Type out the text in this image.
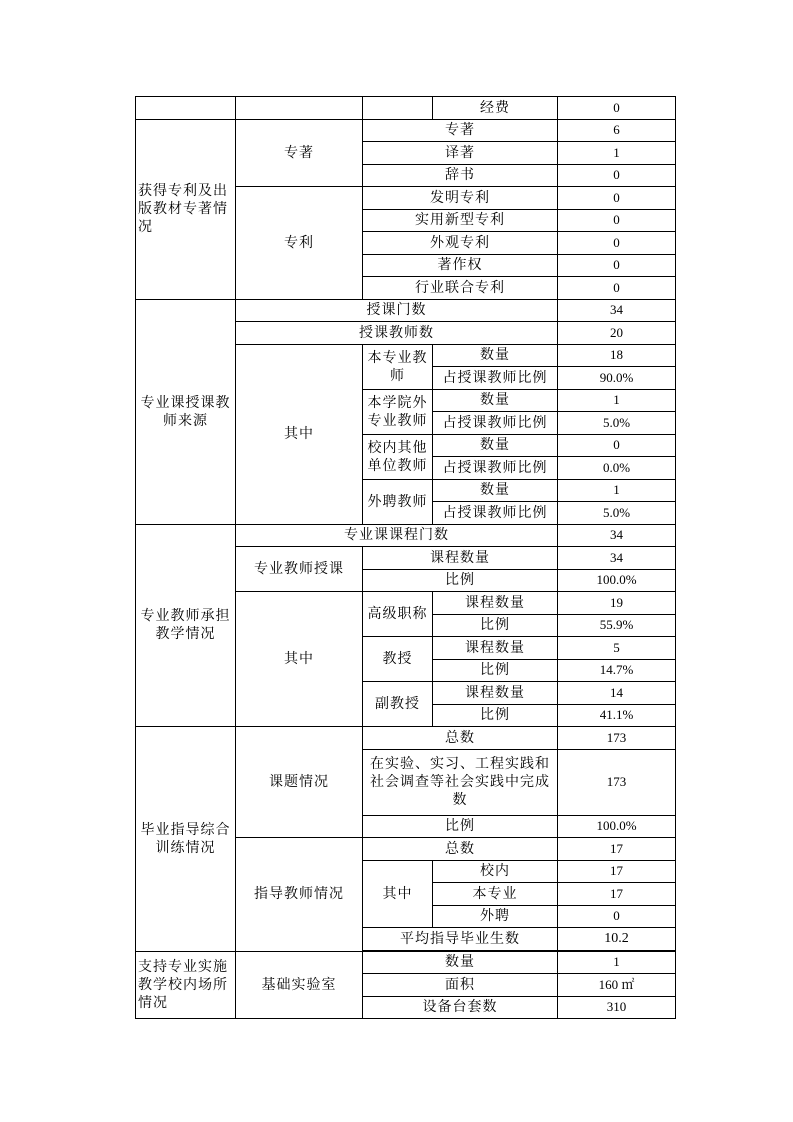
			经费	0
获得专利及出版教材专著情况	专著	专著		6
		译著		1
		辞书		0
	专利	发明专利		0
		实用新型专利		0
		外观专利		0
		著作权		0
		行业联合专利		0
专业课授课教师来源	授课门数			34
	授课教师数			20
	其中	本专业教师	数量	18
			占授课教师比例	90.0%
		本学院外专业教师	数量	1
			占授课教师比例	5.0%
		校内其他单位教师	数量	0
			占授课教师比例	0.0%
		外聘教师	数量	1
			占授课教师比例	5.0%
专业教师承担教学情况	专业课课程门数			34
	专业教师授课	课程数量		34
		比例		100.0%
	其中	高级职称	课程数量	19
			比例	55.9%
		教授	课程数量	5
			比例	14.7%
		副教授	课程数量	14
			比例	41.1%
毕业指导综合训练情况	课题情况	总数		173
		在实验、实习、工程实践和社会调查等社会实践中完成数		173
		比例		100.0%
	指导教师情况	总数		17
		其中	校内	17
			本专业	17
			外聘	0
		平均指导毕业生数		10.2

支持专业实施教学校内场所情况	基础实验室	数量		1
		面积		160 ㎡
		设备台套数		310
